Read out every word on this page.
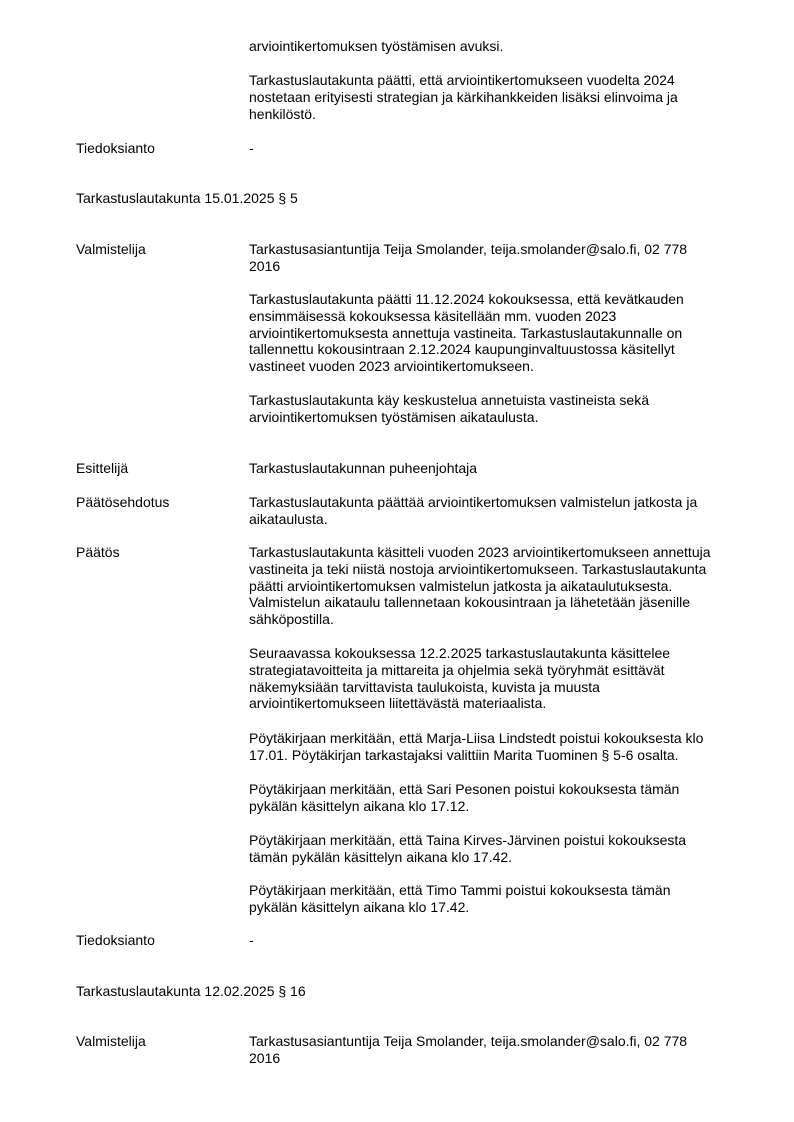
arviointikertomuksen työstämisen avuksi.
Tarkastuslautakunta päätti, että arviointikertomukseen vuodelta 2024
nostetaan erityisesti strategian ja kärkihankkeiden lisäksi elinvoima ja
henkilöstö.
Tiedoksianto	-
Tarkastuslautakunta 15.01.2025 § 5
Valmistelija	Tarkastusasiantuntija Teija Smolander, teija.smolander@salo.fi, 02 778
2016
Tarkastuslautakunta päätti 11.12.2024 kokouksessa, että kevätkauden
ensimmäisessä kokouksessa käsitellään mm. vuoden 2023
arviointikertomuksesta annettuja vastineita. Tarkastuslautakunnalle on
tallennettu kokousintraan 2.12.2024 kaupunginvaltuustossa käsitellyt
vastineet vuoden 2023 arviointikertomukseen.
Tarkastuslautakunta käy keskustelua annetuista vastineista sekä
arviointikertomuksen työstämisen aikataulusta.
Esittelijä	Tarkastuslautakunnan puheenjohtaja
Päätösehdotus	Tarkastuslautakunta päättää arviointikertomuksen valmistelun jatkosta ja
aikataulusta.
Päätös	Tarkastuslautakunta käsitteli vuoden 2023 arviointikertomukseen annettuja
vastineita ja teki niistä nostoja arviointikertomukseen. Tarkastuslautakunta
päätti arviointikertomuksen valmistelun jatkosta ja aikataulutuksesta.
Valmistelun aikataulu tallennetaan kokousintraan ja lähetetään jäsenille
sähköpostilla.
Seuraavassa kokouksessa 12.2.2025 tarkastuslautakunta käsittelee
strategiatavoitteita ja mittareita ja ohjelmia sekä työryhmät esittävät
näkemyksiään tarvittavista taulukoista, kuvista ja muusta
arviointikertomukseen liitettävästä materiaalista.
Pöytäkirjaan merkitään, että Marja-Liisa Lindstedt poistui kokouksesta klo
17.01. Pöytäkirjan tarkastajaksi valittiin Marita Tuominen § 5-6 osalta.
Pöytäkirjaan merkitään, että Sari Pesonen poistui kokouksesta tämän
pykälän käsittelyn aikana klo 17.12.
Pöytäkirjaan merkitään, että Taina Kirves-Järvinen poistui kokouksesta
tämän pykälän käsittelyn aikana klo 17.42.
Pöytäkirjaan merkitään, että Timo Tammi poistui kokouksesta tämän
pykälän käsittelyn aikana klo 17.42.
Tiedoksianto	-
Tarkastuslautakunta 12.02.2025 § 16
Valmistelija	Tarkastusasiantuntija Teija Smolander, teija.smolander@salo.fi, 02 778
2016
